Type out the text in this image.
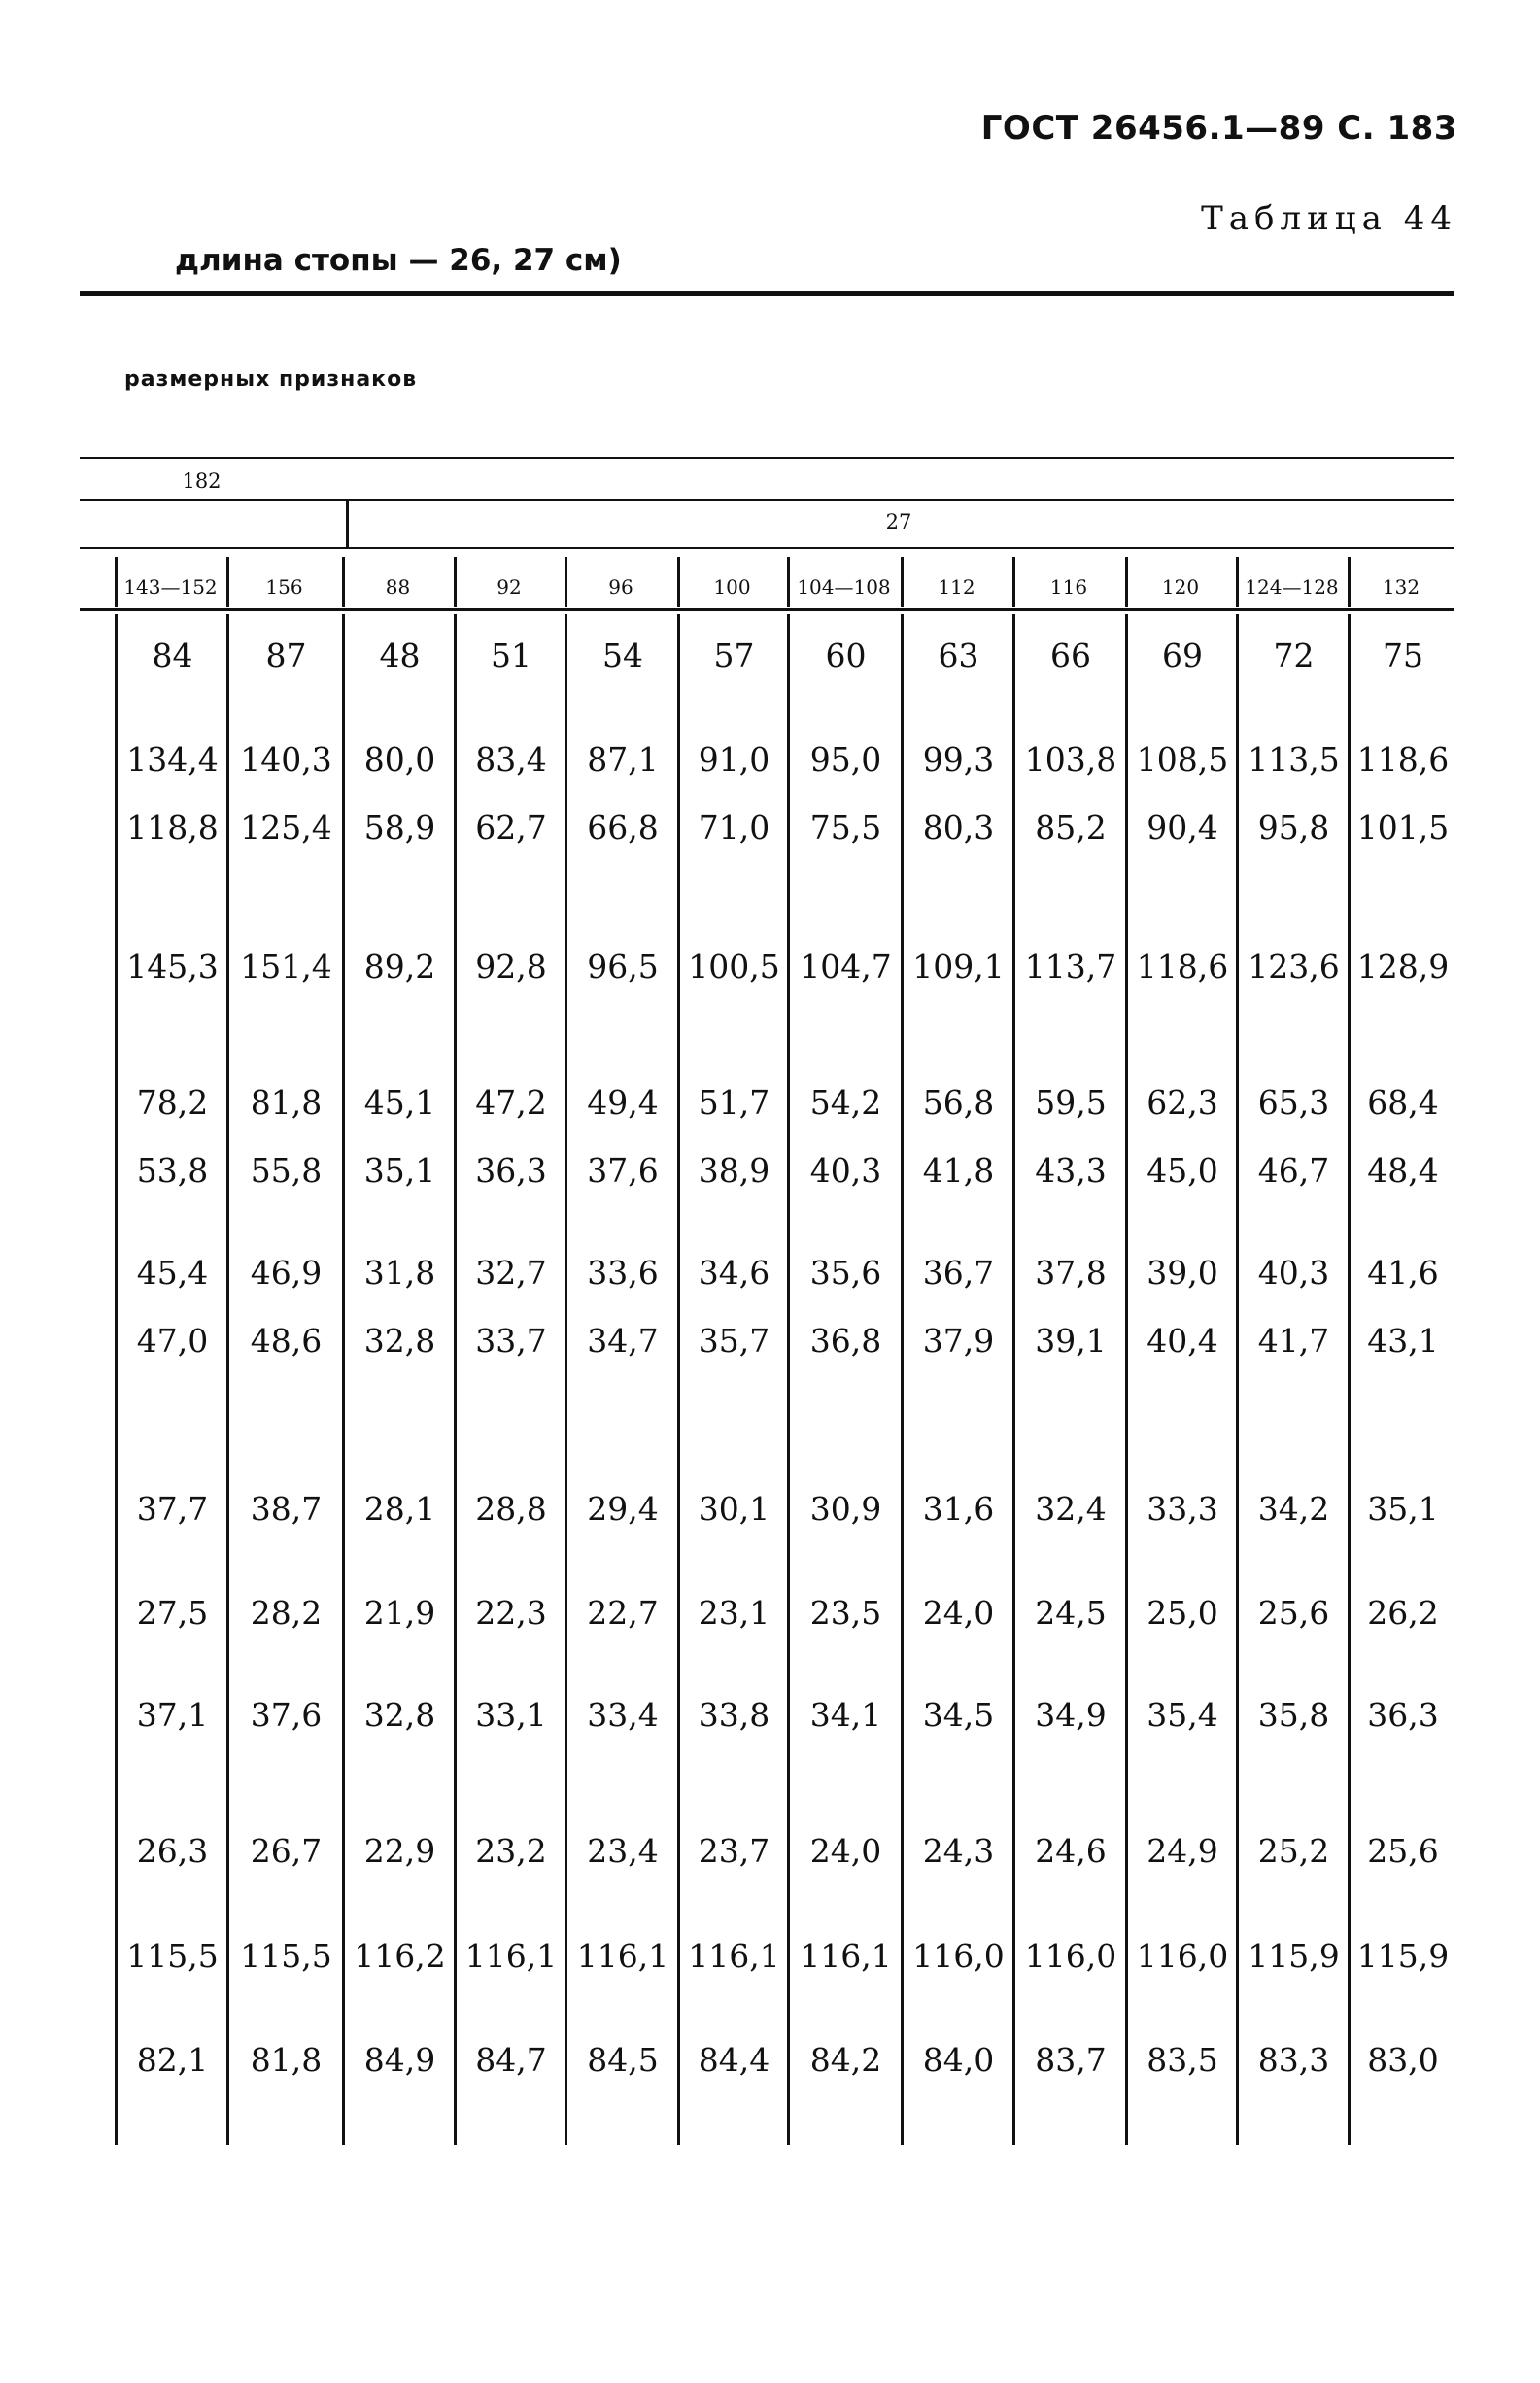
ГОСТ 26456.1—89 С. 183
Таблица 44
длина стопы — 26, 27 см)
размерных признаков
182
27
143—152	156	88	92	96	100	104—108	112	116	120	124—128	132
84	87	48	51	54	57	60	63	66	69	72	75
134,4 140,3	80,0	83,4	87,1	91,0	95,0	99,3 103,8 108,5 113,5 118,6
118,8 125,4	58,9	62,7	66,8	71,0	75,5	80,3	85,2	90,4	95,8 101,5
145,3 151,4	89,2	92,8	96,5 100,5 104,7 109,1 113,7 118,6 123,6 128,9
78,2	81,8	45,1	47,2	49,4	51,7	54,2	56,8	59,5	62,3	65,3	68,4
53,8	55,8	35,1	36,3	37,6	38,9	40,3	41,8	43,3	45,0	46,7	48,4
45,4	46,9	31,8	32,7	33,6	34,6	35,6	36,7	37,8	39,0	40,3	41,6
47,0	48,6	32,8	33,7	34,7	35,7	36,8	37,9	39,1	40,4	41,7	43,1
37,7	38,7	28,1	28,8	29,4	30,1	30,9	31,6	32,4	33,3	34,2	35,1
27,5	28,2	21,9	22,3	22,7	23,1	23,5	24,0	24,5	25,0	25,6	26,2
37,1	37,6	32,8	33,1	33,4	33,8	34,1	34,5	34,9	35,4	35,8	36,3
26,3	26,7	22,9	23,2	23,4	23,7	24,0	24,3	24,6	24,9	25,2	25,6
115,5 115,5 116,2 116,1 116,1 116,1 116,1 116,0 116,0 116,0 115,9 115,9
82,1	81,8	84,9	84,7	84,5	84,4	84,2	84,0	83,7	83,5	83,3	83,0
